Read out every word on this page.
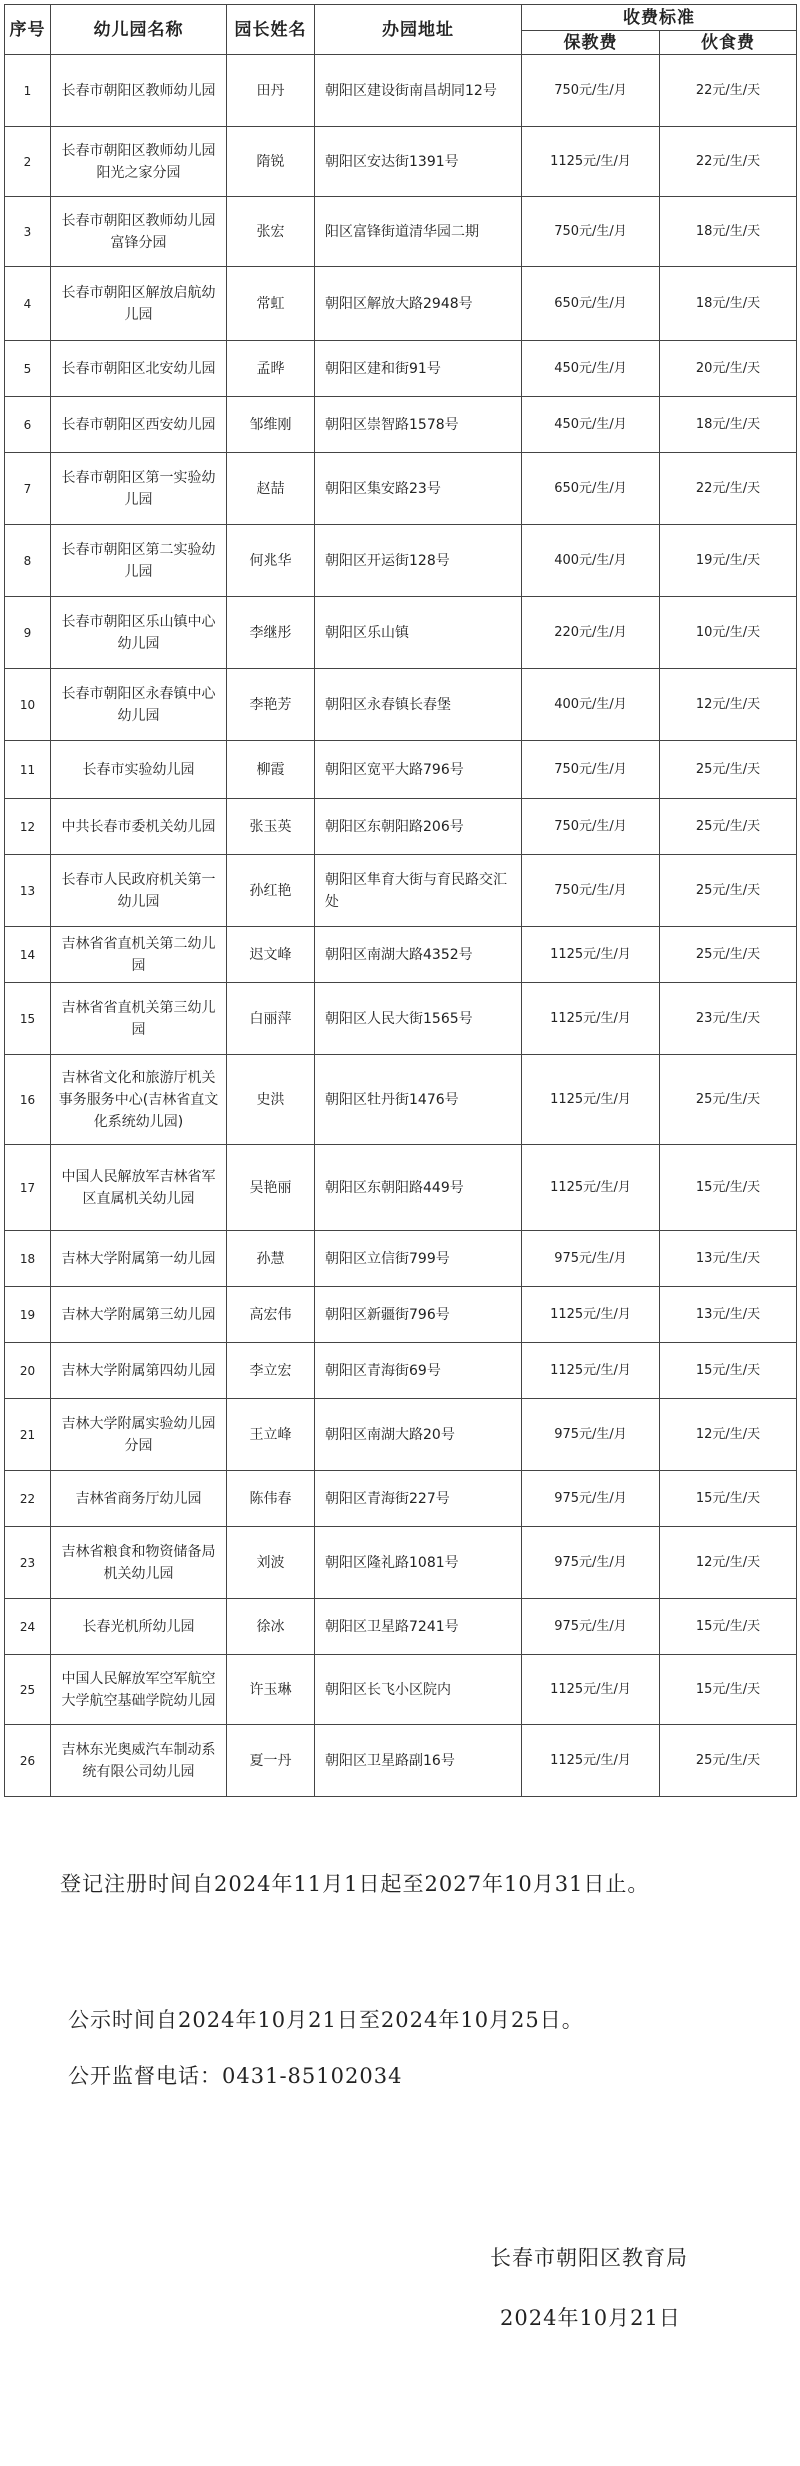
序号	幼儿园名称	园长姓名	办园地址	收费标准	
				保教费	伙食费
1	长春市朝阳区教师幼儿园	田丹	朝阳区建设街南昌胡同12号	750元/生/月	22元/生/天
2	长春市朝阳区教师幼儿园阳光之家分园	隋锐	朝阳区安达街1391号	1125元/生/月	22元/生/天
3	长春市朝阳区教师幼儿园富锋分园	张宏	阳区富锋街道清华园二期	750元/生/月	18元/生/天
4	长春市朝阳区解放启航幼儿园	常虹	朝阳区解放大路2948号	650元/生/月	18元/生/天
5	长春市朝阳区北安幼儿园	孟晔	朝阳区建和街91号	450元/生/月	20元/生/天
6	长春市朝阳区西安幼儿园	邹维刚	朝阳区崇智路1578号	450元/生/月	18元/生/天
7	长春市朝阳区第一实验幼儿园	赵喆	朝阳区集安路23号	650元/生/月	22元/生/天
8	长春市朝阳区第二实验幼儿园	何兆华	朝阳区开运街128号	400元/生/月	19元/生/天
9	长春市朝阳区乐山镇中心幼儿园	李继彤	朝阳区乐山镇	220元/生/月	10元/生/天
10	长春市朝阳区永春镇中心幼儿园	李艳芳	朝阳区永春镇长春堡	400元/生/月	12元/生/天
11	长春市实验幼儿园	柳霞	朝阳区宽平大路796号	750元/生/月	25元/生/天
12	中共长春市委机关幼儿园	张玉英	朝阳区东朝阳路206号	750元/生/月	25元/生/天
13	长春市人民政府机关第一幼儿园	孙红艳	朝阳区隼育大街与育民路交汇处	750元/生/月	25元/生/天
14	吉林省省直机关第二幼儿园	迟文峰	朝阳区南湖大路4352号	1125元/生/月	25元/生/天
15	吉林省省直机关第三幼儿园	白丽萍	朝阳区人民大街1565号	1125元/生/月	23元/生/天
16	吉林省文化和旅游厅机关事务服务中心(吉林省直文化系统幼儿园)	史洪	朝阳区牡丹街1476号	1125元/生/月	25元/生/天
17	中国人民解放军吉林省军区直属机关幼儿园	吴艳丽	朝阳区东朝阳路449号	1125元/生/月	15元/生/天
18	吉林大学附属第一幼儿园	孙慧	朝阳区立信街799号	975元/生/月	13元/生/天
19	吉林大学附属第三幼儿园	高宏伟	朝阳区新疆街796号	1125元/生/月	13元/生/天
20	吉林大学附属第四幼儿园	李立宏	朝阳区青海街69号	1125元/生/月	15元/生/天
21	吉林大学附属实验幼儿园分园	王立峰	朝阳区南湖大路20号	975元/生/月	12元/生/天
22	吉林省商务厅幼儿园	陈伟春	朝阳区青海街227号	975元/生/月	15元/生/天
23	吉林省粮食和物资储备局机关幼儿园	刘波	朝阳区隆礼路1081号	975元/生/月	12元/生/天
24	长春光机所幼儿园	徐冰	朝阳区卫星路7241号	975元/生/月	15元/生/天
25	中国人民解放军空军航空大学航空基础学院幼儿园	许玉琳	朝阳区长飞小区院内	1125元/生/月	15元/生/天
26	吉林东光奥威汽车制动系统有限公司幼儿园	夏一丹	朝阳区卫星路副16号	1125元/生/月	25元/生/天

登记注册时间自2024年11月1日起至2027年10月31日止。

公示时间自2024年10月21日至2024年10月25日。

公开监督电话：0431-85102034

长春市朝阳区教育局
2024年10月21日
